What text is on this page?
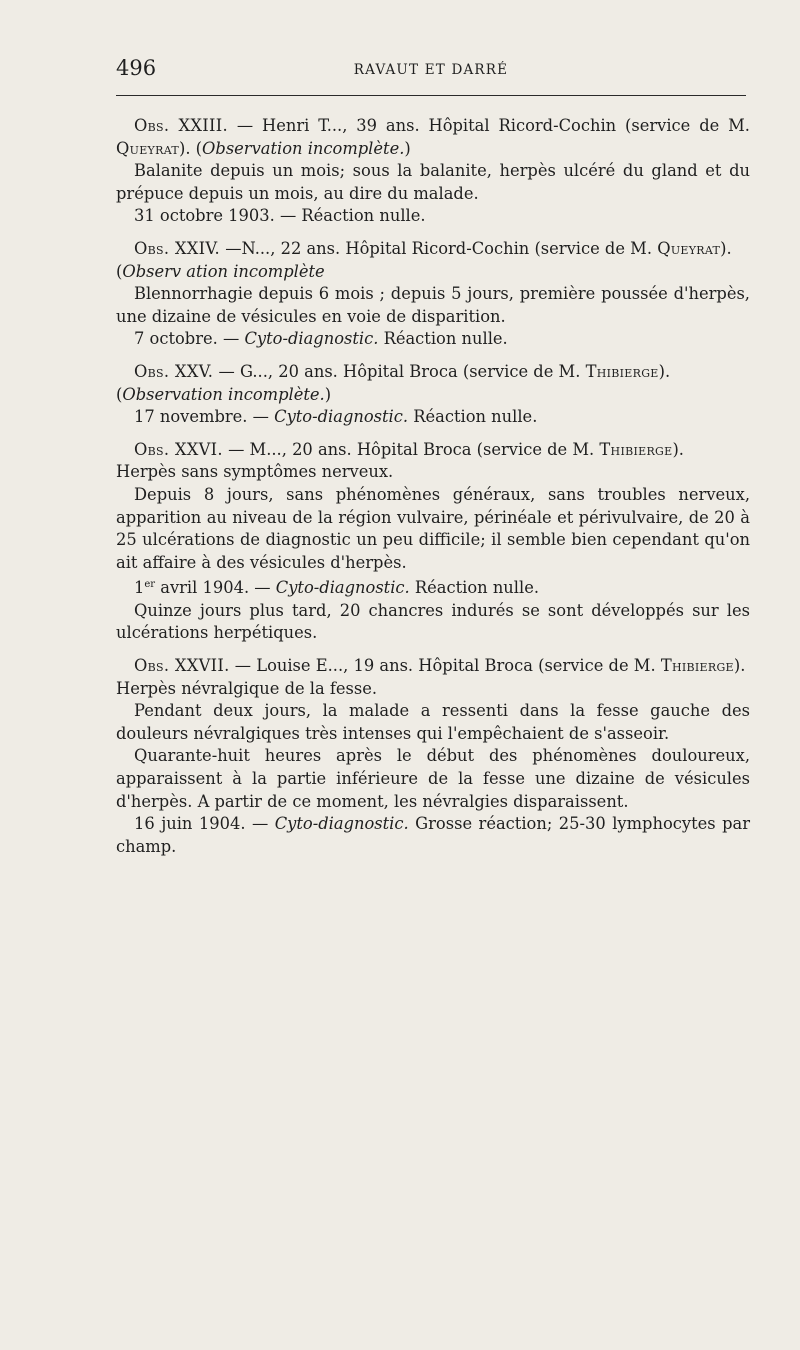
496	RAVAUT ET DARRÉ

Obs. XXIII. — Henri T..., 39 ans. Hôpital Ricord-Cochin (service de M. Queyrat). (Observation incomplète.)

Balanite depuis un mois; sous la balanite, herpès ulcéré du gland et du prépuce depuis un mois, au dire du malade.

31 octobre 1903. — Réaction nulle.

Obs. XXIV. —N..., 22 ans. Hôpital Ricord-Cochin (service de M. Queyrat).

(Observ ation incomplète

Blennorrhagie depuis 6 mois ; depuis 5 jours, première poussée d'herpès, une dizaine de vésicules en voie de disparition.

7 octobre. — Cyto-diagnostic. Réaction nulle.

Obs. XXV. — G..., 20 ans. Hôpital Broca (service de M. Thibierge).

(Observation incomplète.)

17 novembre. — Cyto-diagnostic. Réaction nulle.

Obs. XXVI. — M..., 20 ans. Hôpital Broca (service de M. Thibierge).

Herpès sans symptômes nerveux.

Depuis 8 jours, sans phénomènes généraux, sans troubles nerveux, apparition au niveau de la région vulvaire, périnéale et périvulvaire, de 20 à 25 ulcérations de diagnostic un peu difficile; il semble bien cependant qu'on ait affaire à des vésicules d'herpès.

1er avril 1904. — Cyto-diagnostic. Réaction nulle.

Quinze jours plus tard, 20 chancres indurés se sont développés sur les ulcérations herpétiques.

Obs. XXVII. — Louise E..., 19 ans. Hôpital Broca (service de M. Thibierge).

Herpès névralgique de la fesse.

Pendant deux jours, la malade a ressenti dans la fesse gauche des douleurs névralgiques très intenses qui l'empêchaient de s'asseoir.

Quarante-huit heures après le début des phénomènes douloureux, apparaissent à la partie inférieure de la fesse une dizaine de vésicules d'herpès. A partir de ce moment, les névralgies disparaissent.

16 juin 1904. — Cyto-diagnostic. Grosse réaction; 25-30 lymphocytes par champ.
